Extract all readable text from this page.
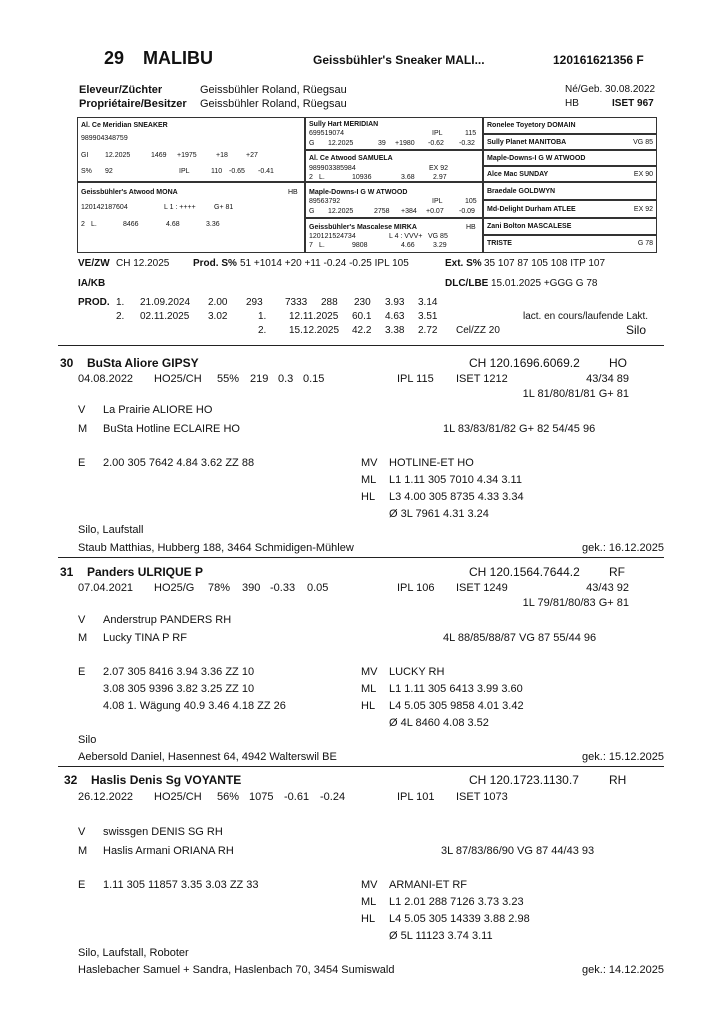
29 MALIBU	Geissbühler's Sneaker MALI...	120161621356 F
Eleveur/Züchter	Geissbühler Roland, Rüegsau
Propriétaire/Besitzer Geissbühler Roland, Rüegsau
Né/Geb. 30.08.2022
HB	ISET 967
Al. Ce Meridian SNEAKER
989904348759
GI 12.2025	1469 +1975	+18	+27
S% 92	IPL	110 -0.65 -0.41
Geissbühler's Atwood MONA	HB
120142187604	L 1 : ++++	G+ 81
2 L.	8466	4.68	3.36
Sully Hart MERIDIAN
699519074	IPL	115
G 12.2025	39 +1980 -0.62 -0.32
Al. Ce Atwood SAMUELA
989903385984	EX 92
2 L.	10936	3.68	2.97
Maple-Downs-I G W ATWOOD
89563792	IPL	105
G 12.2025	2758 +384 +0.07 -0.09
Geissbühler's Mascalese MIRKA	HB
120121524734	L 4 : VVV+ VG 85
7 L.	9808	4.66	3.29
Ronelee Toyetory DOMAIN
Sully Planet MANITOBA	VG 85
Maple-Downs-I G W ATWOOD
Alce Mac SUNDAY	EX 90
Braedale GOLDWYN
Md-Delight Durham ATLEE	EX 92
Zani Bolton MASCALESE
TRISTE	G 78
VE/ZW CH 12.2025 Prod. S% 51 +1014 +20 +11 -0.24 -0.25 IPL 105	Ext. S% 35 107 87 105 108 ITP 107
IA/KB	DLC/LBE 15.01.2025 +GGG G 78
PROD. 1. 21.09.2024 2.00 293 7333 288 230 3.93 3.14
2. 02.11.2025 3.02	1. 12.11.2025 60.1 4.63 3.51	lact. en cours/laufende Lakt.
2. 15.12.2025 42.2 3.38 2.72 Cel/ZZ 20	Silo
30 BuSta Aliore GIPSY	CH 120.1696.6069.2 HO
04.08.2022 HO25/CH 55% 219 0.3 0.15	IPL 115 ISET 1212	43/34 89
1L 81/80/81/81 G+ 81
V La Prairie ALIORE HO
M BuSta Hotline ECLAIRE HO	1L 83/83/81/82 G+ 82 54/45 96
E 2.00 305 7642 4.84 3.62 ZZ 88	MV HOTLINE-ET HO
ML L1 1.11 305 7010 4.34 3.11
HL L3 4.00 305 8735 4.33 3.34
Ø 3L 7961 4.31 3.24
Silo, Laufstall
Staub Matthias, Hubberg 188, 3464 Schmidigen-Mühlew	gek.: 16.12.2025
31 Panders ULRIQUE P	CH 120.1564.7644.2 RF
07.04.2021 HO25/G 78% 390 -0.33 0.05	IPL 106 ISET 1249	43/43 92
1L 79/81/80/83 G+ 81
V Anderstrup PANDERS RH
M Lucky TINA P RF	4L 88/85/88/87 VG 87 55/44 96
E 2.07 305 8416 3.94 3.36 ZZ 10
3.08 305 9396 3.82 3.25 ZZ 10
4.08 1. Wägung 40.9 3.46 4.18 ZZ 26
MV LUCKY RH
ML L1 1.11 305 6413 3.99 3.60
HL L4 5.05 305 9858 4.01 3.42
Ø 4L 8460 4.08 3.52
Silo
Aebersold Daniel, Hasennest 64, 4942 Walterswil BE	gek.: 15.12.2025
32 Haslis Denis Sg VOYANTE	CH 120.1723.1130.7	RH
26.12.2022 HO25/CH 56% 1075 -0.61 -0.24	IPL 101 ISET 1073
V swissgen DENIS SG RH
M Haslis Armani ORIANA RH	3L 87/83/86/90 VG 87 44/43 93
E 1.11 305 11857 3.35 3.03 ZZ 33	MV ARMANI-ET RF
ML L1 2.01 288 7126 3.73 3.23
HL L4 5.05 305 14339 3.88 2.98
Ø 5L 11123 3.74 3.11
Silo, Laufstall, Roboter
Haslebacher Samuel + Sandra, Haslenbach 70, 3454 Sumiswald	gek.: 14.12.2025
